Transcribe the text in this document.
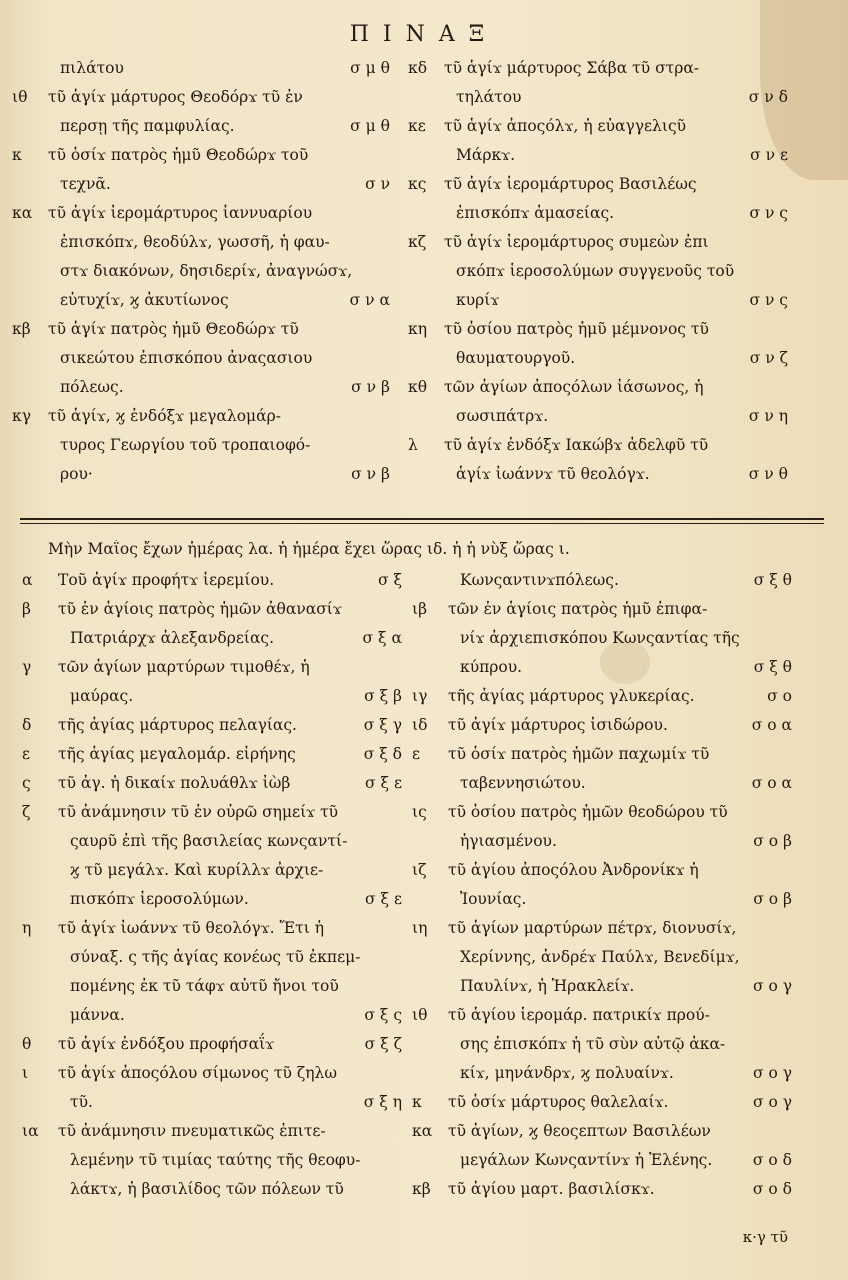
ΠΙΝΑΞ
πιλάτου	σ μ θ
ιθ	τῦ ἁγίϫ μάρτυρος Θεοδόρϫ τῦ ἐν
περσῃ τῆς παμφυλίας.	σ μ θ
κ	τῦ ὁσίϫ πατρὸς ἡμῦ Θεοδώρϫ τοῦ
τεχνᾶ.	σ ν
κα	τῦ ἁγίϫ ἱερομάρτυρος ἰαννυαρίου
ἐπισκόπϫ, θεοδύλϫ, γωσσῆ, ἡ φαυ-
στϫ διακόνων, δησιδερίϫ, ἀναγνώσϫ,
εὐτυχίϫ, ϗ ἀκυτίωνος	σ ν α
κβ	τῦ ἁγίϫ πατρὸς ἡμῦ Θεοδώρϫ τῦ
σικεώτου ἐπισκόπου ἀναςασιου
πόλεως.	σ ν β
κγ	τῦ ἁγίϫ, ϗ ἐνδόξϫ μεγαλομάρ-
τυρος Γεωργίου τοῦ τροπαιοφό-
ρου·	σ ν β
κδ	τῦ ἁγίϫ μάρτυρος Σάβα τῦ στρα-
τηλάτου	σ ν δ
κε	τῦ ἁγίϫ ἀποςόλϫ, ἡ εὐαγγελιςῦ
Μάρκϫ.	σ ν ε
κς	τῦ ἁγίϫ ἱερομάρτυρος Βασιλέως
ἐπισκόπϫ ἀμασείας.	σ ν ς
κζ	τῦ ἁγίϫ ἱερομάρτυρος συμεὼν ἐπι
σκόπϫ ἱεροσολύμων συγγενοῦς τοῦ
κυρίϫ	σ ν ς
κη	τῦ ὁσίου πατρὸς ἡμῦ μέμνονος τῦ
θαυματουργοῦ.	σ ν ζ
κθ	τῶν ἁγίων ἀποςόλων ἰάσωνος, ἡ
σωσιπάτρϫ.	σ ν η
λ	τῦ ἁγίϫ ἐνδόξϫ Ιακώβϫ ἀδελφῦ τῦ
ἁγίϫ ἰωάννϫ τῦ θεολόγϫ.	σ ν θ
Μὴν Μαΐος ἔχων ἡμέρας λα. ἡ ἡμέρα ἔχει ὥρας ιδ. ἡ ἡ νὺξ ὥρας ι.
α	Τοῦ ἁγίϫ προφήτϫ ἱερεμίου.	σ ξ
β	τῦ ἐν ἁγίοις πατρὸς ἡμῶν ἀθανασίϫ
Πατριάρχϫ ἀλεξανδρείας.	σ ξ α
γ	τῶν ἁγίων μαρτύρων τιμοθέϫ, ἡ
μαύρας.	σ ξ β
δ	τῆς ἁγίας μάρτυρος πελαγίας.	σ ξ γ
ε	τῆς ἁγίας μεγαλομάρ. εἰρήνης	σ ξ δ
ς	τῦ ἁγ. ἡ δικαίϫ πολυάθλϫ ἰὼβ	σ ξ ε
ζ	τῦ ἀνάμνησιν τῦ ἐν οὐρῶ σημείϫ τῦ
ςαυρῦ ἐπὶ τῆς βασιλείας κωνςαντί-
ϗ τῦ μεγάλϫ. Καὶ κυρίλλϫ ἀρχιε-
πισκόπϫ ἱεροσολύμων.	σ ξ ε
η	τῦ ἁγίϫ ἰωάννϫ τῦ θεολόγϫ. Ἔτι ἡ
σύναξ. ς τῆς ἁγίας κονέως τῦ ἐκπεμ-
πομένης ἐκ τῦ τάφϫ αὐτῦ ἤνοι τοῦ
μάννα.	σ ξ ς
θ	τῦ ἁγίϫ ἐνδόξου προφήσαΐϫ	σ ξ ζ
ι	τῦ ἁγίϫ ἀποςόλου σίμωνος τῦ ζηλω
τῦ.	σ ξ η
ια	τῦ ἀνάμνησιν πνευματικῶς ἐπιτε-
λεμένην τῦ τιμίας ταύτης τῆς θεοφυ-
λάκτϫ, ἡ βασιλίδος τῶν πόλεων τῦ
Κωνςαντινϫπόλεως.	σ ξ θ
ιβ	τῶν ἐν ἁγίοις πατρὸς ἡμῦ ἐπιφα-
νίϫ ἀρχιεπισκόπου Κωνςαντίας τῆς
κύπρου.	σ ξ θ
ιγ	τῆς ἁγίας μάρτυρος γλυκερίας.	σ ο
ιδ	τῦ ἁγίϫ μάρτυρος ἰσιδώρου.	σ ο α
ε	τῦ ὁσίϫ πατρὸς ἡμῶν παχωμίϫ τῦ
ταβεννησιώτου.	σ ο α
ις	τῦ ὁσίου πατρὸς ἡμῶν θεοδώρου τῦ
ἡγιασμένου.	σ ο β
ιζ	τῦ ἁγίου ἀποςόλου Ἀνδρονίκϫ ἡ
Ἰουνίας.	σ ο β
ιη	τῦ ἁγίων μαρτύρων πέτρϫ, διονυσίϫ,
Χερίννης, ἀνδρέϫ Παύλϫ, Βενεδίμϫ,
Παυλίνϫ, ἡ Ἡρακλείϫ.	σ ο γ
ιθ	τῦ ἁγίου ἱερομάρ. πατρικίϫ πρού-
σης ἐπισκόπϫ ἡ τῦ σὺν αὐτῷ ἀκα-
κίϫ, μηνάνδρϫ, ϗ πολυαίνϫ.	σ ο γ
κ	τῦ ὁσίϫ μάρτυρος θαλελαίϫ.	σ ο γ
κα	τῦ ἁγίων, ϗ θεοςεπτων Βασιλέων
μεγάλων Κωνςαντίνϫ ἡ Ἑλένης.	σ ο δ
κβ	τῦ ἁγίου μαρτ. βασιλίσκϫ.	σ ο δ
κ·γ τῦ
